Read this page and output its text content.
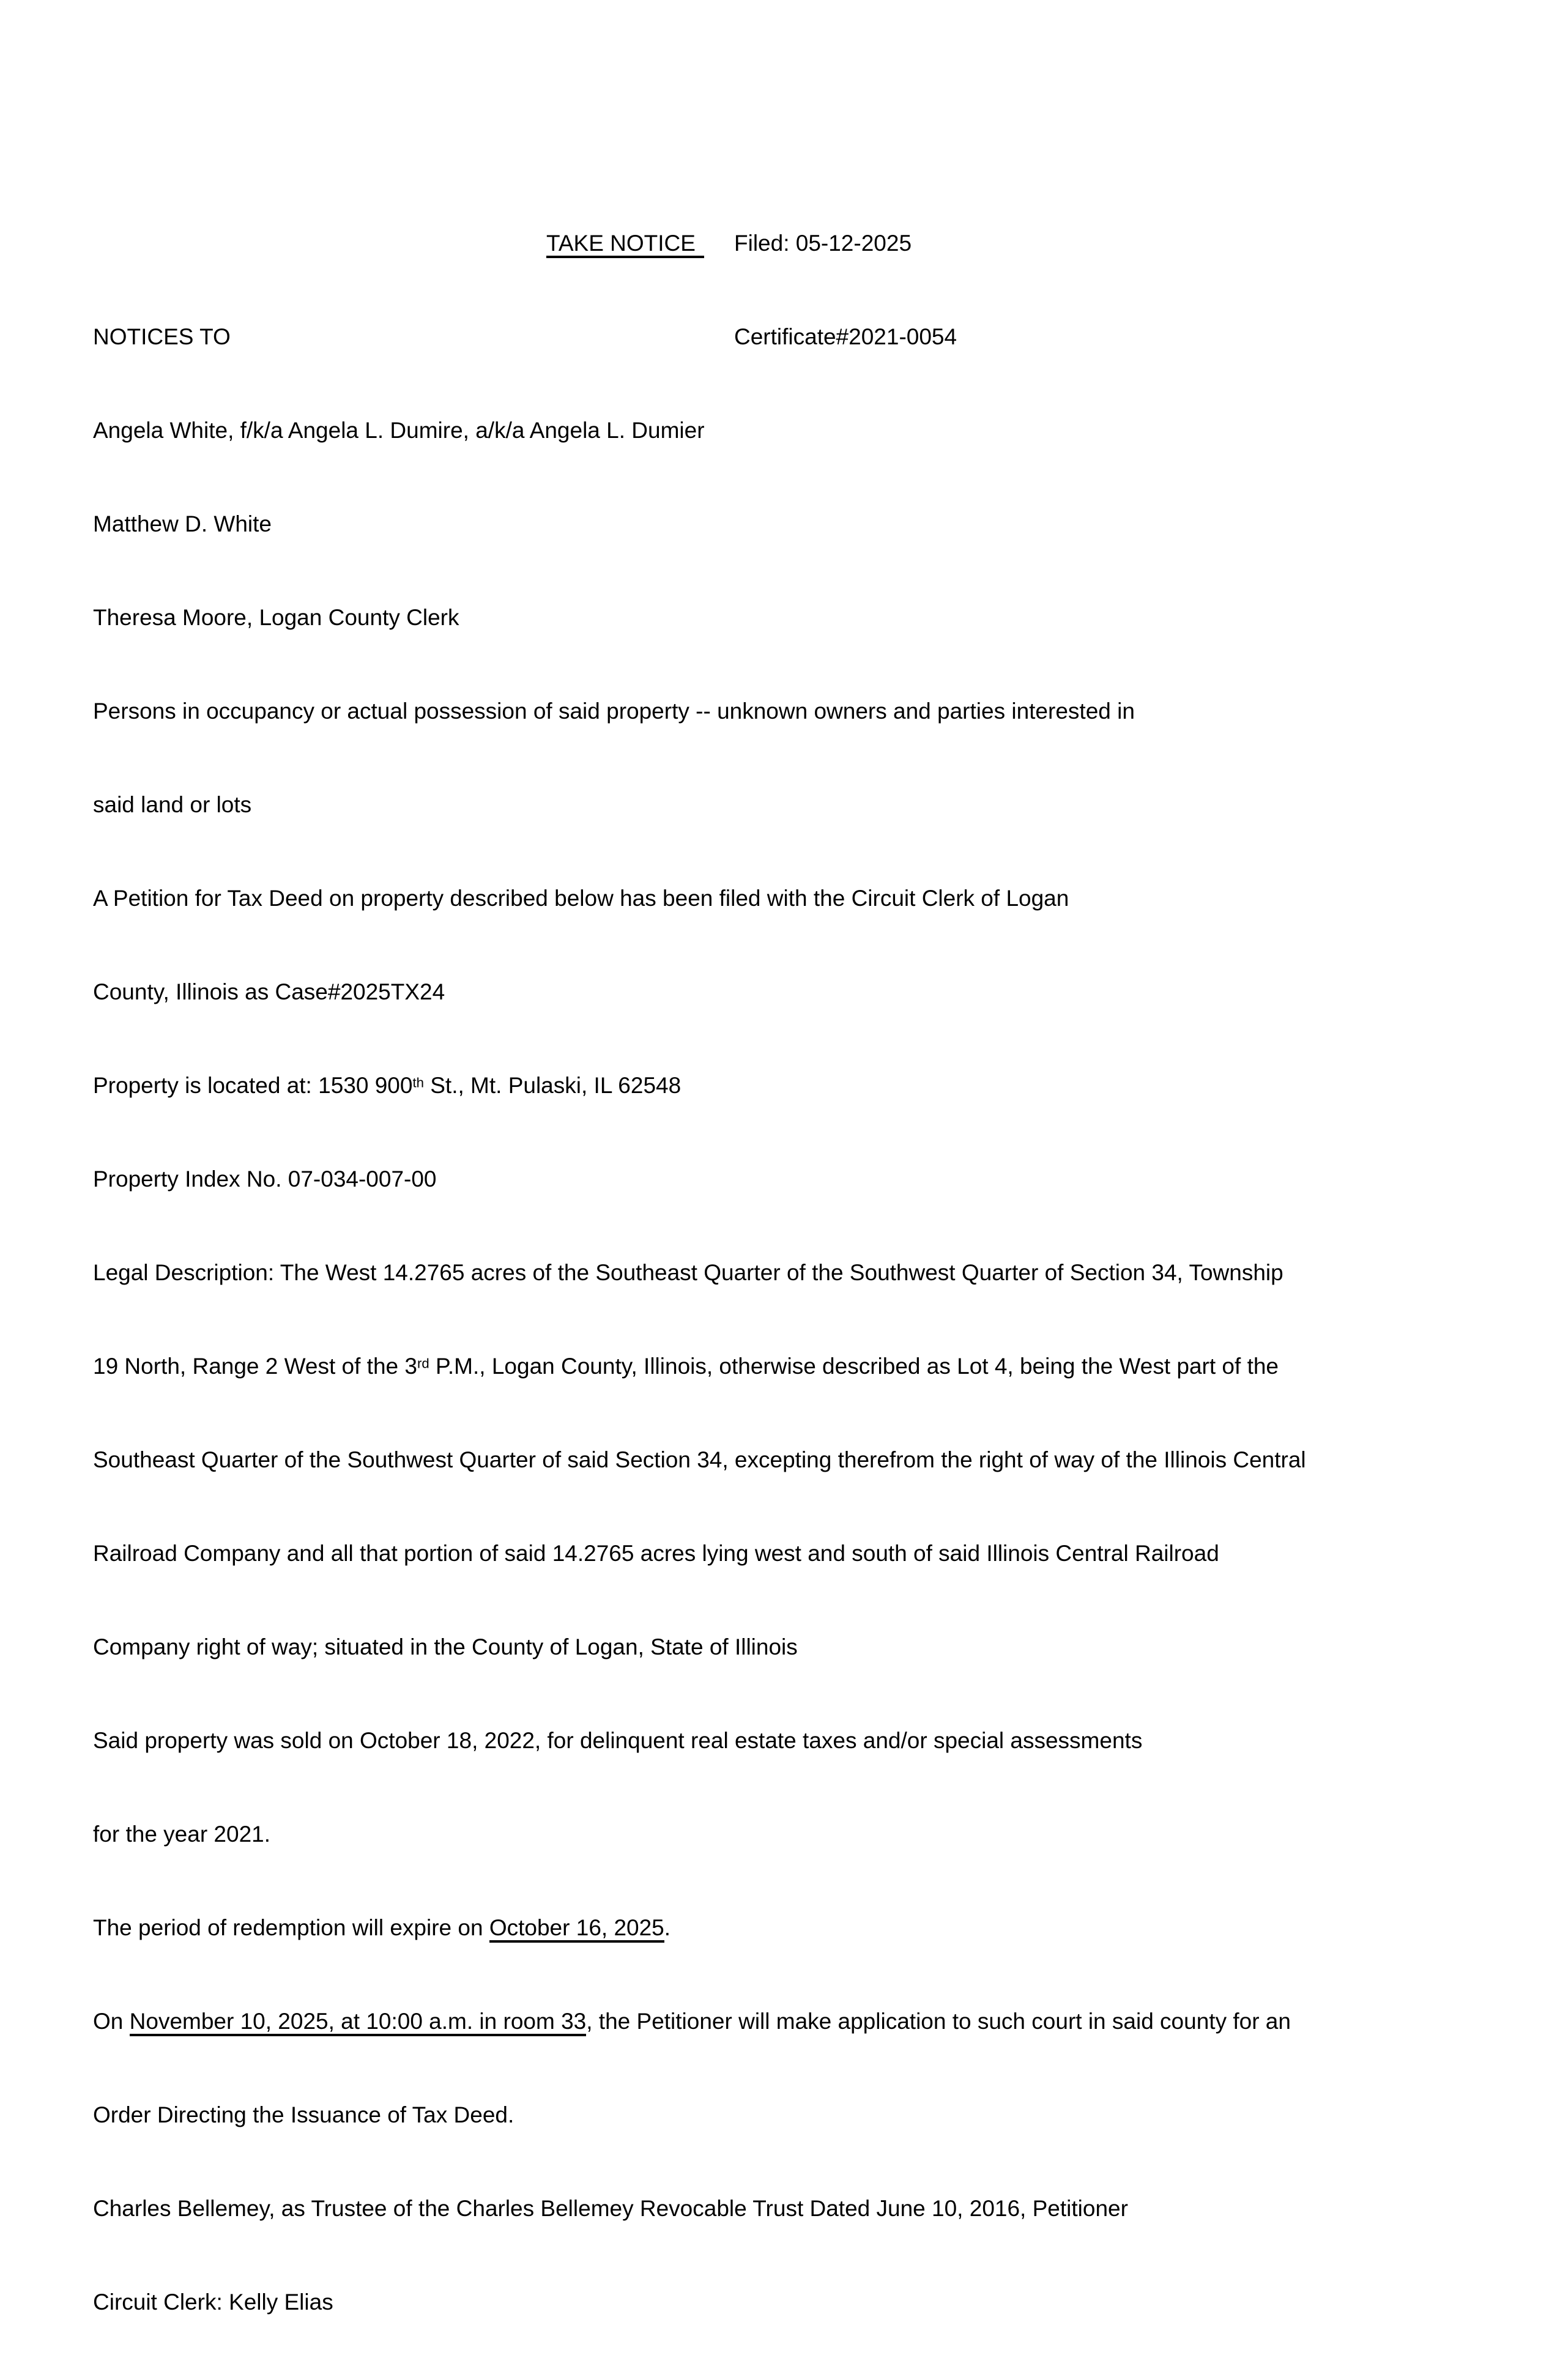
TAKE NOTICE Filed: 05-12-2025

NOTICES TO	Certificate#2021-0054

Angela White, f/k/a Angela L. Dumire, a/k/a Angela L. Dumier

Matthew D. White

Theresa Moore, Logan County Clerk

Persons in occupancy or actual possession of said property -- unknown owners and parties interested in

said land or lots

A Petition for Tax Deed on property described below has been filed with the Circuit Clerk of Logan

County, Illinois as Case#2025TX24

Property is located at: 1530 900th St., Mt. Pulaski, IL 62548

Property Index No. 07-034-007-00

Legal Description: The West 14.2765 acres of the Southeast Quarter of the Southwest Quarter of Section 34, Township

19 North, Range 2 West of the 3rd P.M., Logan County, Illinois, otherwise described as Lot 4, being the West part of the

Southeast Quarter of the Southwest Quarter of said Section 34, excepting therefrom the right of way of the Illinois Central

Railroad Company and all that portion of said 14.2765 acres lying west and south of said Illinois Central Railroad

Company right of way; situated in the County of Logan, State of Illinois

Said property was sold on October 18, 2022, for delinquent real estate taxes and/or special assessments

for the year 2021.

The period of redemption will expire on October 16, 2025.

On November 10, 2025, at 10:00 a.m. in room 33, the Petitioner will make application to such court in said county for an

Order Directing the Issuance of Tax Deed.

Charles Bellemey, as Trustee of the Charles Bellemey Revocable Trust Dated June 10, 2016, Petitioner

Circuit Clerk: Kelly Elias
